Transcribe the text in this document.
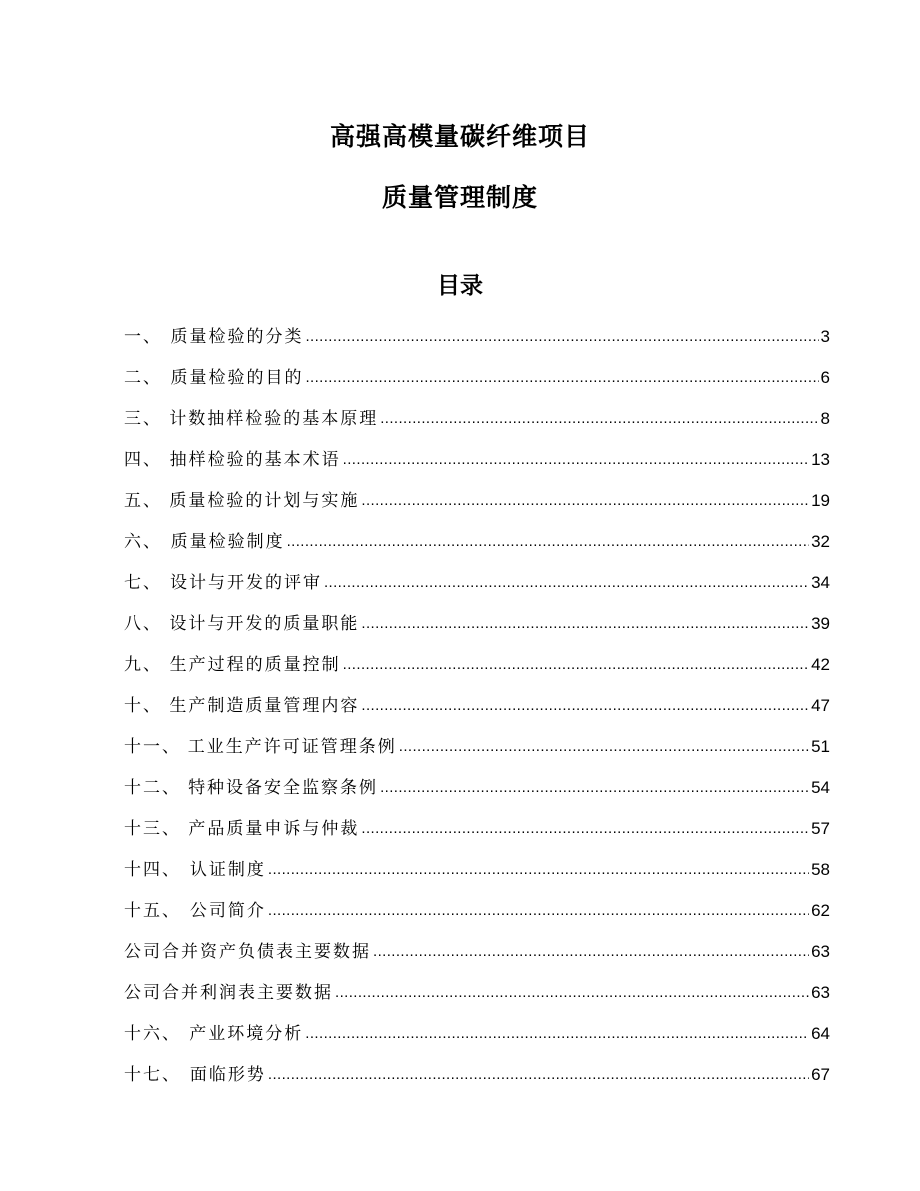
高强高模量碳纤维项目
质量管理制度
目录
一、 质量检验的分类 .....	3
二、 质量检验的目的 .....	6
三、 计数抽样检验的基本原理 .....	8
四、 抽样检验的基本术语 .....	13
五、 质量检验的计划与实施 .....	19
六、 质量检验制度 .....	32
七、 设计与开发的评审 .....	34
八、 设计与开发的质量职能 .....	39
九、 生产过程的质量控制 .....	42
十、 生产制造质量管理内容 .....	47
十一、 工业生产许可证管理条例 .....	51
十二、 特种设备安全监察条例 .....	54
十三、 产品质量申诉与仲裁 .....	57
十四、 认证制度 .....	58
十五、 公司简介 .....	62
公司合并资产负债表主要数据 .....	63
公司合并利润表主要数据 .....	63
十六、 产业环境分析 .....	64
十七、 面临形势 .....	67
